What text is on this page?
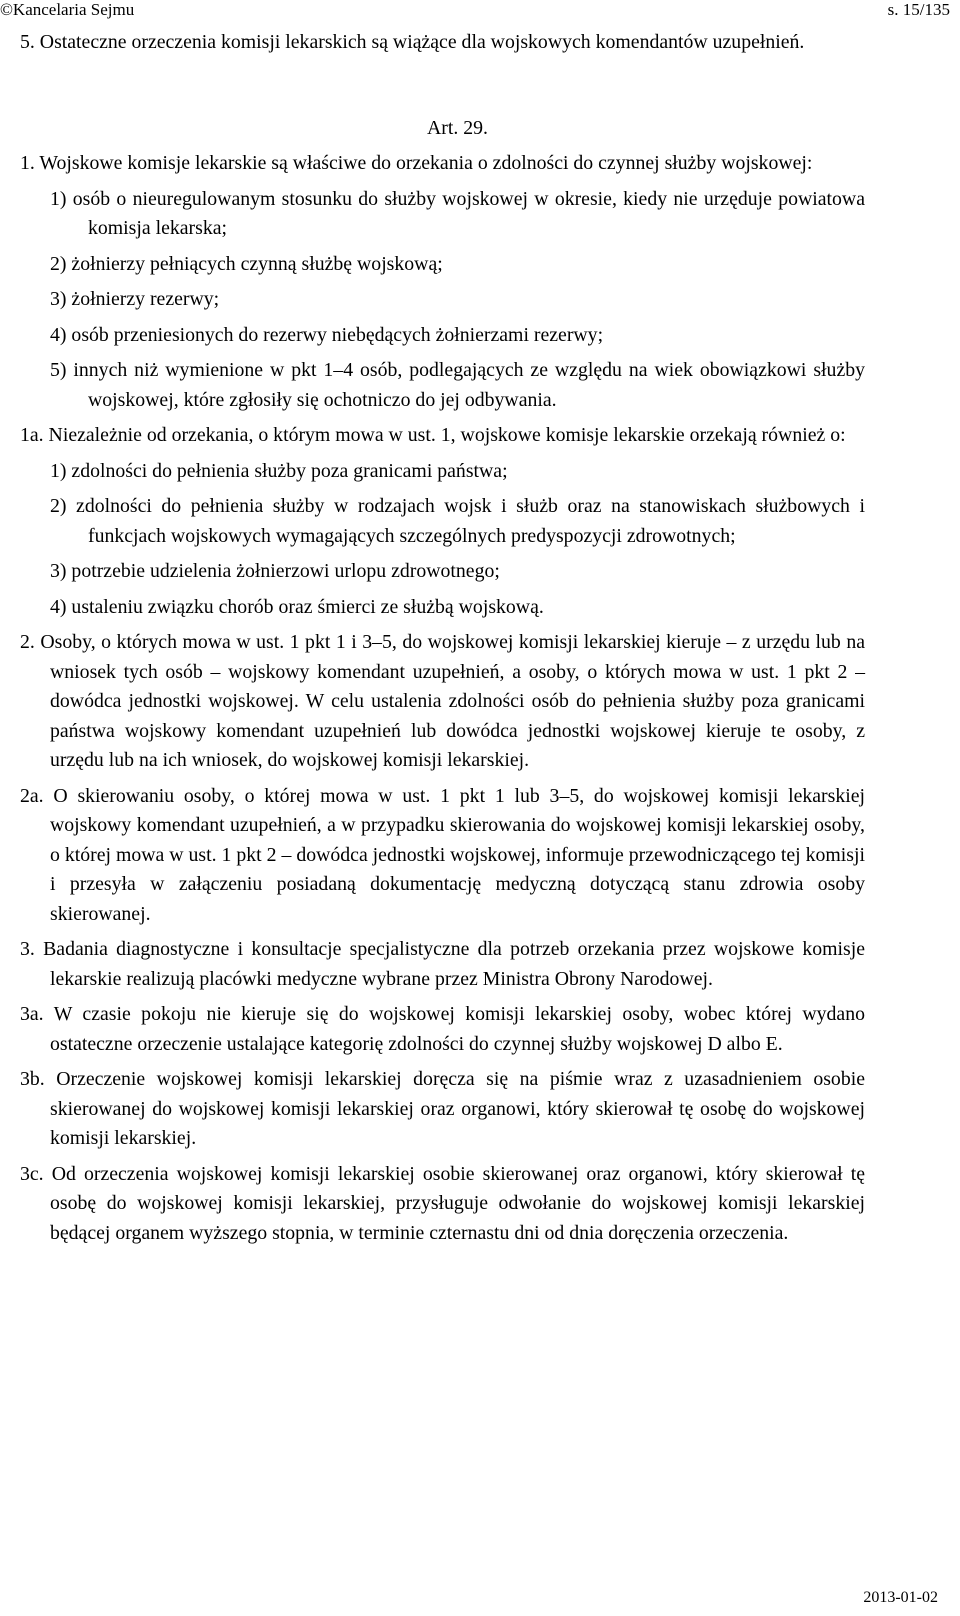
©Kancelaria Sejmu	s. 15/135

5. Ostateczne orzeczenia komisji lekarskich są wiążące dla wojskowych komendantów uzupełnień.

Art. 29.

1. Wojskowe komisje lekarskie są właściwe do orzekania o zdolności do czynnej służby wojskowej:

1) osób o nieuregulowanym stosunku do służby wojskowej w okresie, kiedy nie urzęduje powiatowa komisja lekarska;

2) żołnierzy pełniących czynną służbę wojskową;

3) żołnierzy rezerwy;

4) osób przeniesionych do rezerwy niebędących żołnierzami rezerwy;

5) innych niż wymienione w pkt 1–4 osób, podlegających ze względu na wiek obowiązkowi służby wojskowej, które zgłosiły się ochotniczo do jej odbywania.

1a. Niezależnie od orzekania, o którym mowa w ust. 1, wojskowe komisje lekarskie orzekają również o:

1) zdolności do pełnienia służby poza granicami państwa;

2) zdolności do pełnienia służby w rodzajach wojsk i służb oraz na stanowiskach służbowych i funkcjach wojskowych wymagających szczególnych predyspozycji zdrowotnych;

3) potrzebie udzielenia żołnierzowi urlopu zdrowotnego;

4) ustaleniu związku chorób oraz śmierci ze służbą wojskową.

2. Osoby, o których mowa w ust. 1 pkt 1 i 3–5, do wojskowej komisji lekarskiej kieruje – z urzędu lub na wniosek tych osób – wojskowy komendant uzupełnień, a osoby, o których mowa w ust. 1 pkt 2 – dowódca jednostki wojskowej. W celu ustalenia zdolności osób do pełnienia służby poza granicami państwa wojskowy komendant uzupełnień lub dowódca jednostki wojskowej kieruje te osoby, z urzędu lub na ich wniosek, do wojskowej komisji lekarskiej.

2a. O skierowaniu osoby, o której mowa w ust. 1 pkt 1 lub 3–5, do wojskowej komisji lekarskiej wojskowy komendant uzupełnień, a w przypadku skierowania do wojskowej komisji lekarskiej osoby, o której mowa w ust. 1 pkt 2 – dowódca jednostki wojskowej, informuje przewodniczącego tej komisji i przesyła w załączeniu posiadaną dokumentację medyczną dotyczącą stanu zdrowia osoby skierowanej.

3. Badania diagnostyczne i konsultacje specjalistyczne dla potrzeb orzekania przez wojskowe komisje lekarskie realizują placówki medyczne wybrane przez Ministra Obrony Narodowej.

3a. W czasie pokoju nie kieruje się do wojskowej komisji lekarskiej osoby, wobec której wydano ostateczne orzeczenie ustalające kategorię zdolności do czynnej służby wojskowej D albo E.

3b. Orzeczenie wojskowej komisji lekarskiej doręcza się na piśmie wraz z uzasadnieniem osobie skierowanej do wojskowej komisji lekarskiej oraz organowi, który skierował tę osobę do wojskowej komisji lekarskiej.

3c. Od orzeczenia wojskowej komisji lekarskiej osobie skierowanej oraz organowi, który skierował tę osobę do wojskowej komisji lekarskiej, przysługuje odwołanie do wojskowej komisji lekarskiej będącej organem wyższego stopnia, w terminie czternastu dni od dnia doręczenia orzeczenia.

2013-01-02
